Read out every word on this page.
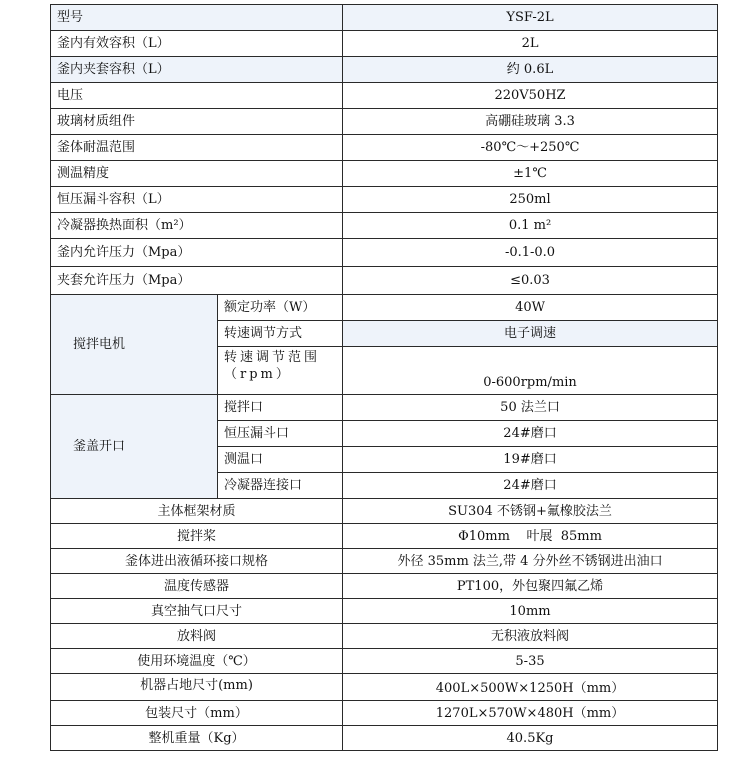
型号		YSF-2L
釜内有效容积（L）		2L
釜内夹套容积（L）		约 0.6L
电压		220V50HZ
玻璃材质组件		高硼硅玻璃 3.3
釜体耐温范围		-80℃～+250℃
测温精度		±1℃
恒压漏斗容积（L）		250ml
冷凝器换热面积（m²）		0.1 m²
釜内允许压力（Mpa）		-0.1-0.0
夹套允许压力（Mpa）		≤0.03
搅拌电机	额定功率（W）	40W
	转速调节方式	电子调速
	转速调节范围（rpm）	0-600rpm/min
釜盖开口	搅拌口	50 法兰口
	恒压漏斗口	24#磨口
	测温口	19#磨口
	冷凝器连接口	24#磨口
主体框架材质		SU304 不锈钢+氟橡胶法兰
搅拌桨		Φ10mm    叶展  85mm
釜体进出液循环接口规格		外径 35mm 法兰,带 4 分外丝不锈钢进出油口
温度传感器		PT100，外包聚四氟乙烯
真空抽气口尺寸		10mm
放料阀		无积液放料阀
使用环境温度（℃）		5-35
机器占地尺寸(mm)		400L×500W×1250H（mm）
包装尺寸（mm）		1270L×570W×480H（mm）
整机重量（Kg）		40.5Kg
